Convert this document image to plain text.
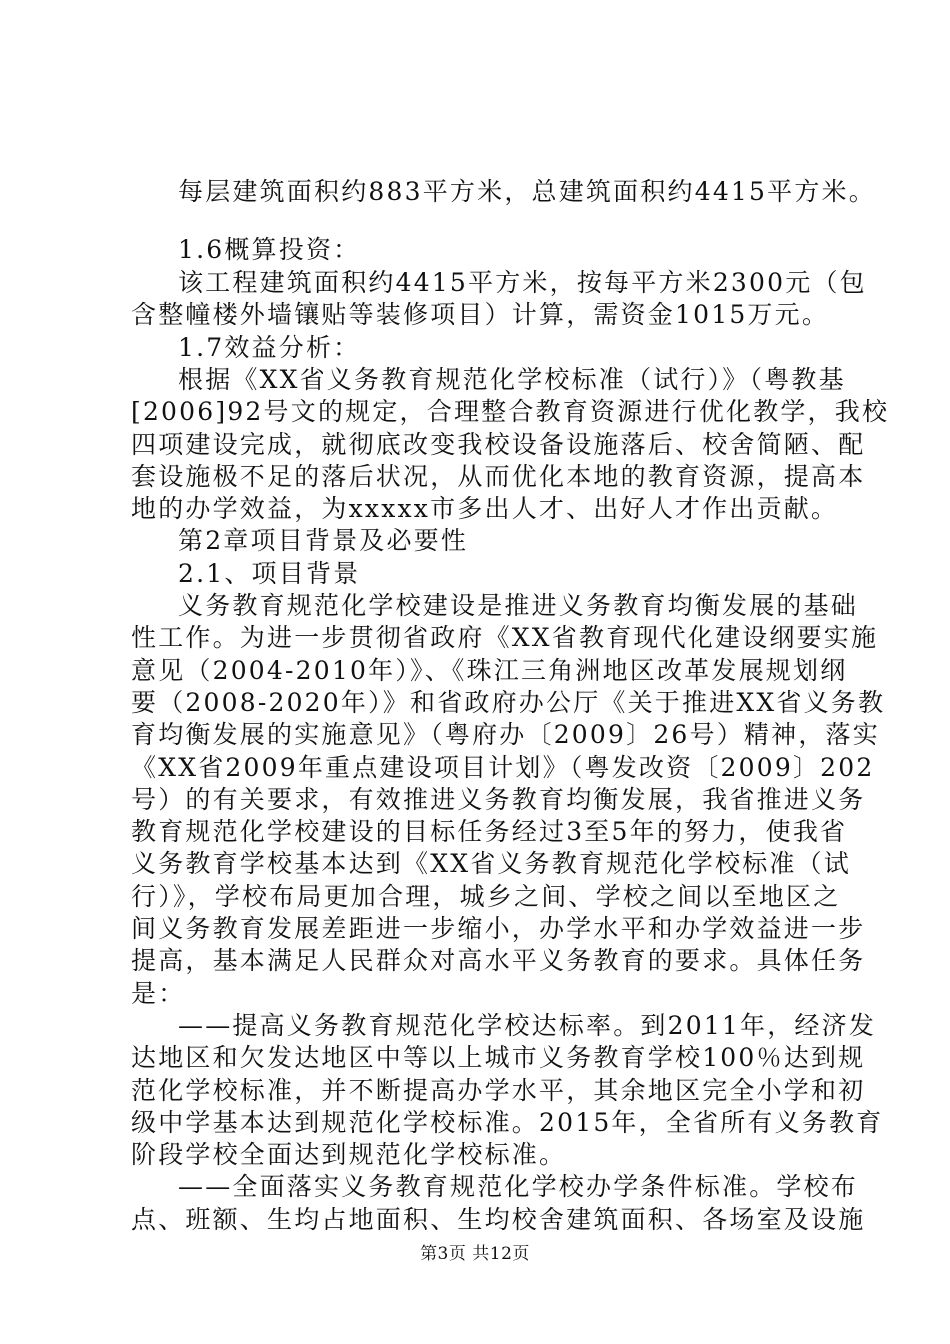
每层建筑面积约883平方米，总建筑面积约4415平方米。
1.6概算投资：
该工程建筑面积约4415平方米，按每平方米2300元（包
含整幢楼外墙镶贴等装修项目）计算，需资金1015万元。
1.7效益分析：
根据《XX省义务教育规范化学校标准（试行）》（粤教基
[2006]92号文的规定，合理整合教育资源进行优化教学，我校
四项建设完成，就彻底改变我校设备设施落后、校舍简陋、配
套设施极不足的落后状况，从而优化本地的教育资源，提高本
地的办学效益，为xxxxx市多出人才、出好人才作出贡献。
第2章项目背景及必要性
2.1、项目背景
义务教育规范化学校建设是推进义务教育均衡发展的基础
性工作。为进一步贯彻省政府《XX省教育现代化建设纲要实施
意见（2004-2010年）》、《珠江三角洲地区改革发展规划纲
要（2008-2020年）》和省政府办公厅《关于推进XX省义务教
育均衡发展的实施意见》（粤府办〔2009〕26号）精神，落实
《XX省2009年重点建设项目计划》（粤发改资〔2009〕202
号）的有关要求，有效推进义务教育均衡发展，我省推进义务
教育规范化学校建设的目标任务经过3至5年的努力，使我省
义务教育学校基本达到《XX省义务教育规范化学校标准（试
行）》，学校布局更加合理，城乡之间、学校之间以至地区之
间义务教育发展差距进一步缩小，办学水平和办学效益进一步
提高，基本满足人民群众对高水平义务教育的要求。具体任务
是：
——提高义务教育规范化学校达标率。到2011年，经济发
达地区和欠发达地区中等以上城市义务教育学校100％达到规
范化学校标准，并不断提高办学水平，其余地区完全小学和初
级中学基本达到规范化学校标准。2015年，全省所有义务教育
阶段学校全面达到规范化学校标准。
——全面落实义务教育规范化学校办学条件标准。学校布
第3页 共12页
点、班额、生均占地面积、生均校舍建筑面积、各场室及设施
